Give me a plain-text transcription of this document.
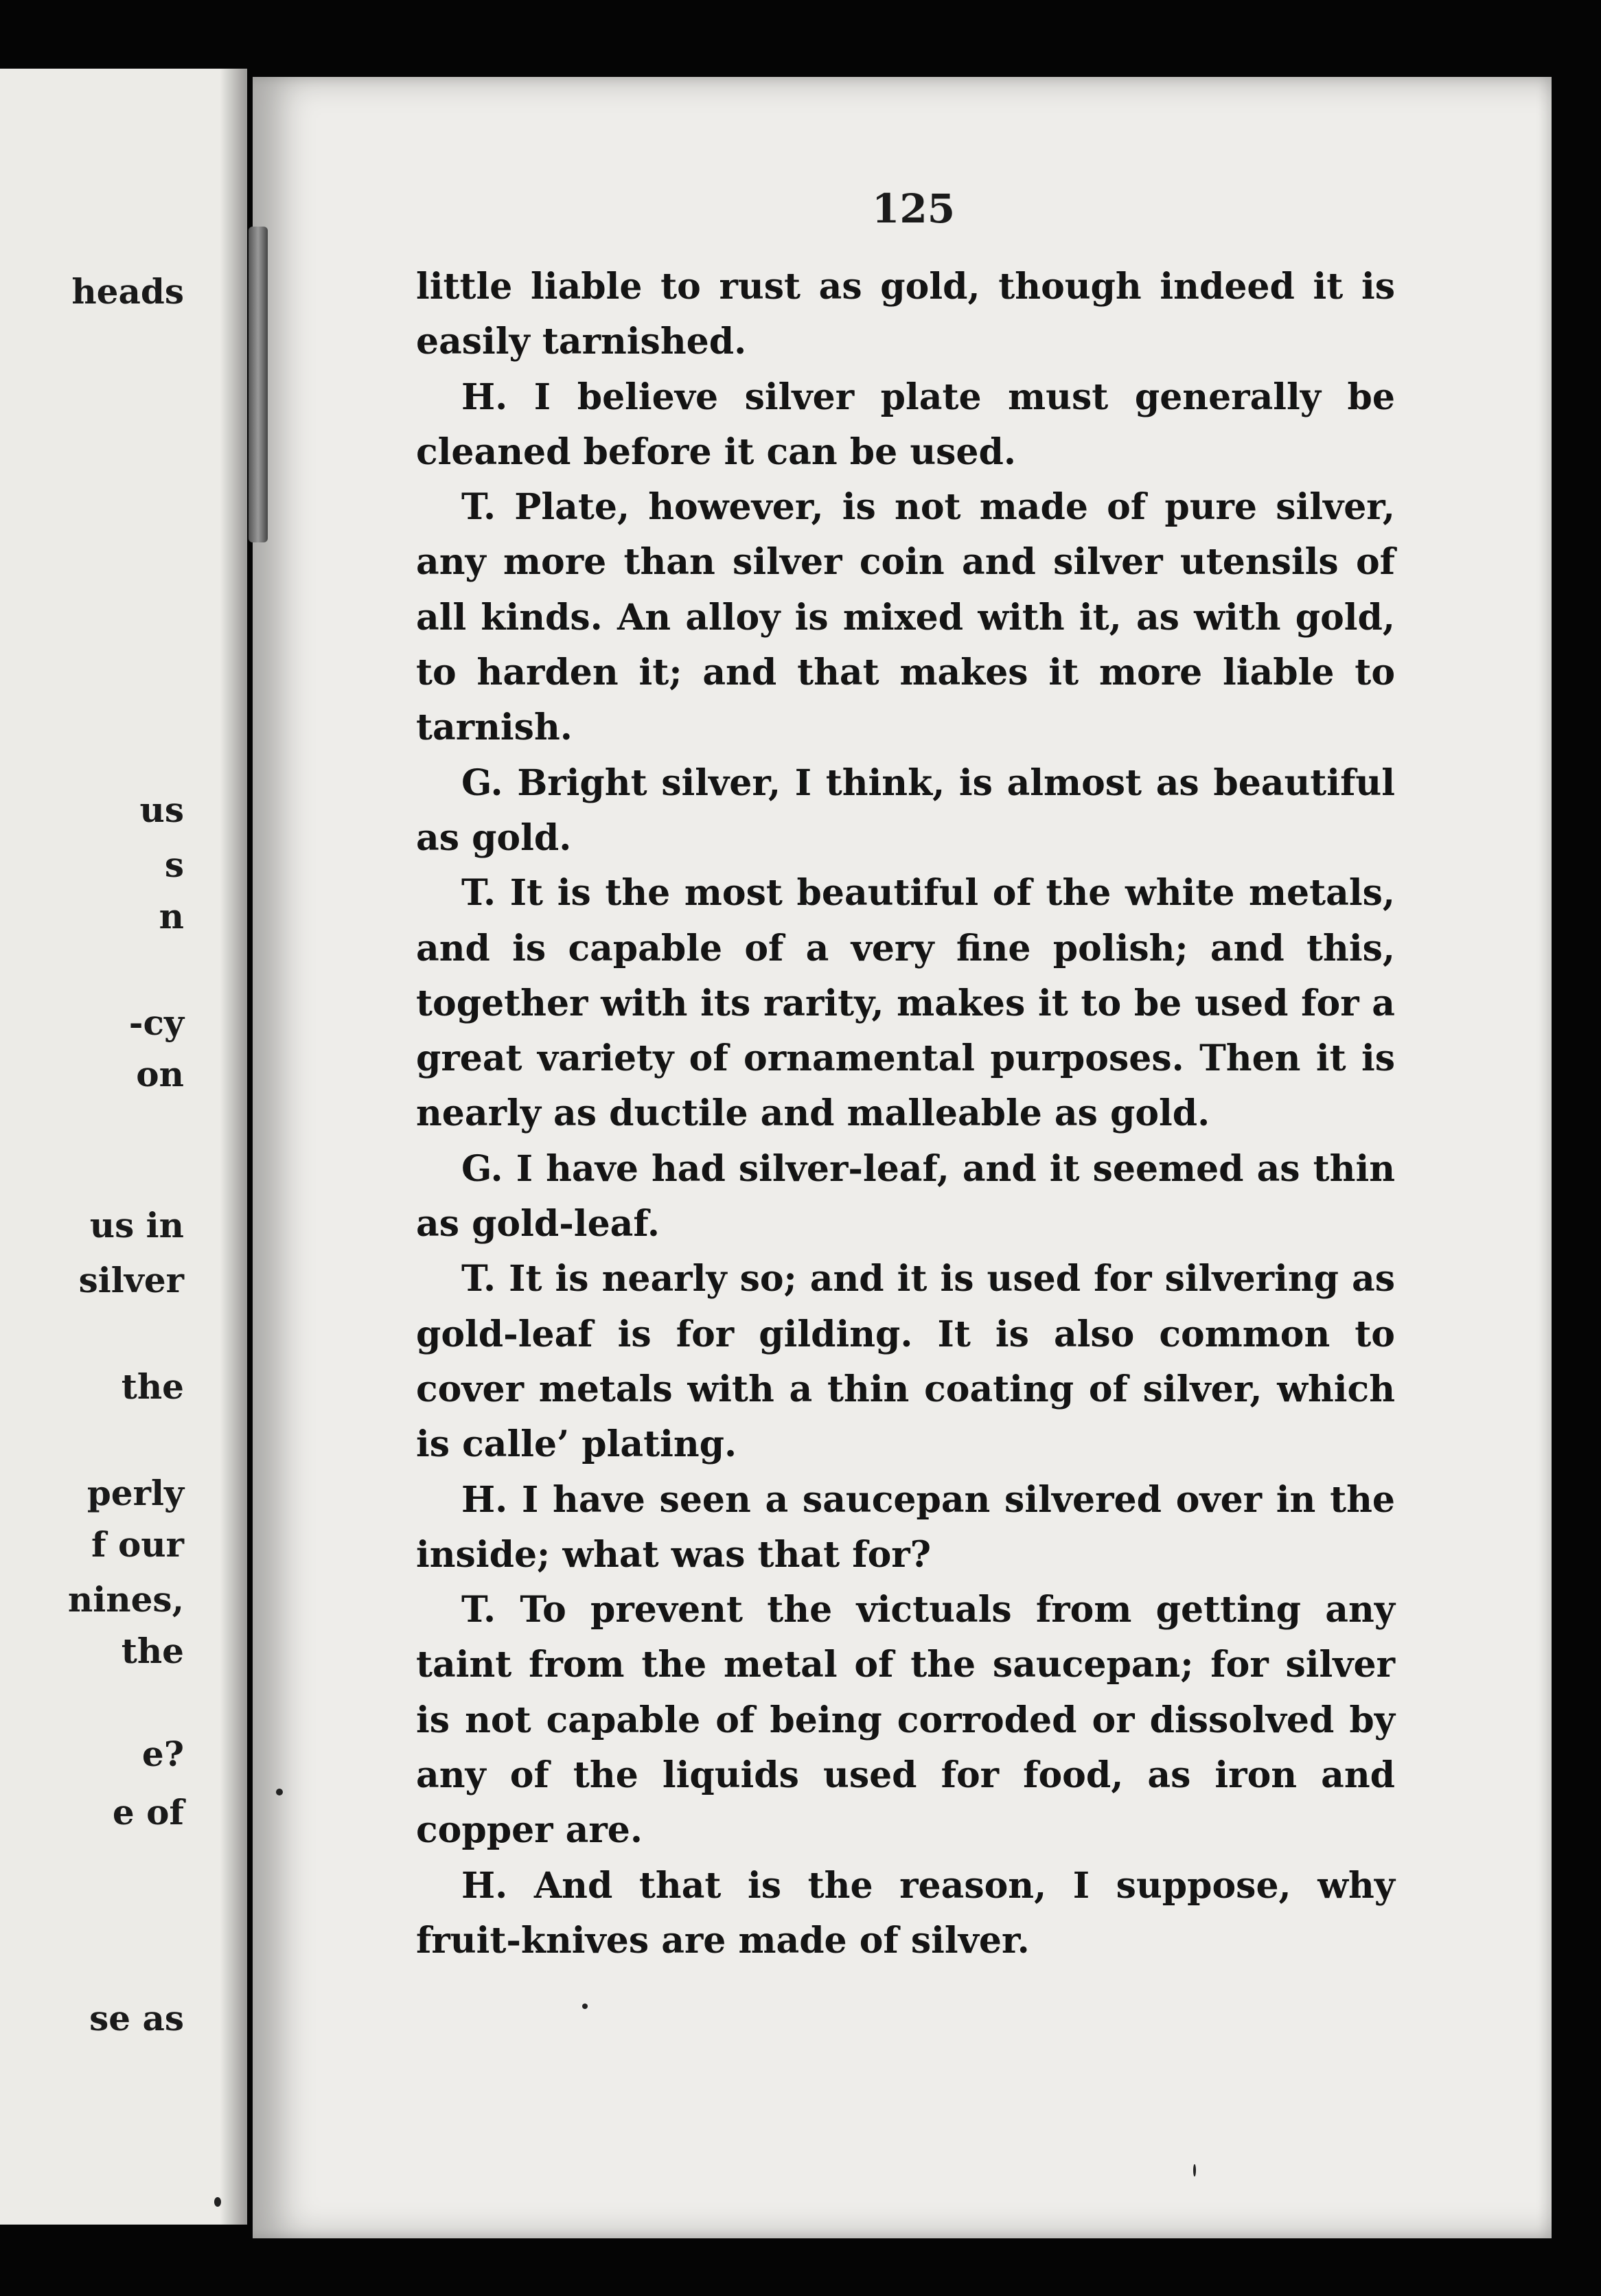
heads
us
s
n
-cy
on
us in
silver
the
perly
f our
nines,
the
e?
e of
se as
125

little liable to rust as gold, though indeed it is easily tarnished.

H. I believe silver plate must generally be cleaned before it can be used.

T. Plate, however, is not made of pure silver, any more than silver coin and silver utensils of all kinds. An alloy is mixed with it, as with gold, to harden it; and that makes it more liable to tarnish.

G. Bright silver, I think, is almost as beautiful as gold.

T. It is the most beautiful of the white metals, and is capable of a very fine polish; and this, together with its rarity, makes it to be used for a great variety of ornamental purposes. Then it is nearly as ductile and malleable as gold.

G. I have had silver-leaf, and it seemed as thin as gold-leaf.

T. It is nearly so; and it is used for silvering as gold-leaf is for gilding. It is also common to cover metals with a thin coating of silver, which is calle’ plating.

H. I have seen a saucepan silvered over in the inside; what was that for?

T. To prevent the victuals from getting any taint from the metal of the saucepan; for silver is not capable of being corroded or dissolved by any of the liquids used for food, as iron and copper are.

H. And that is the reason, I suppose, why fruit-knives are made of silver.
